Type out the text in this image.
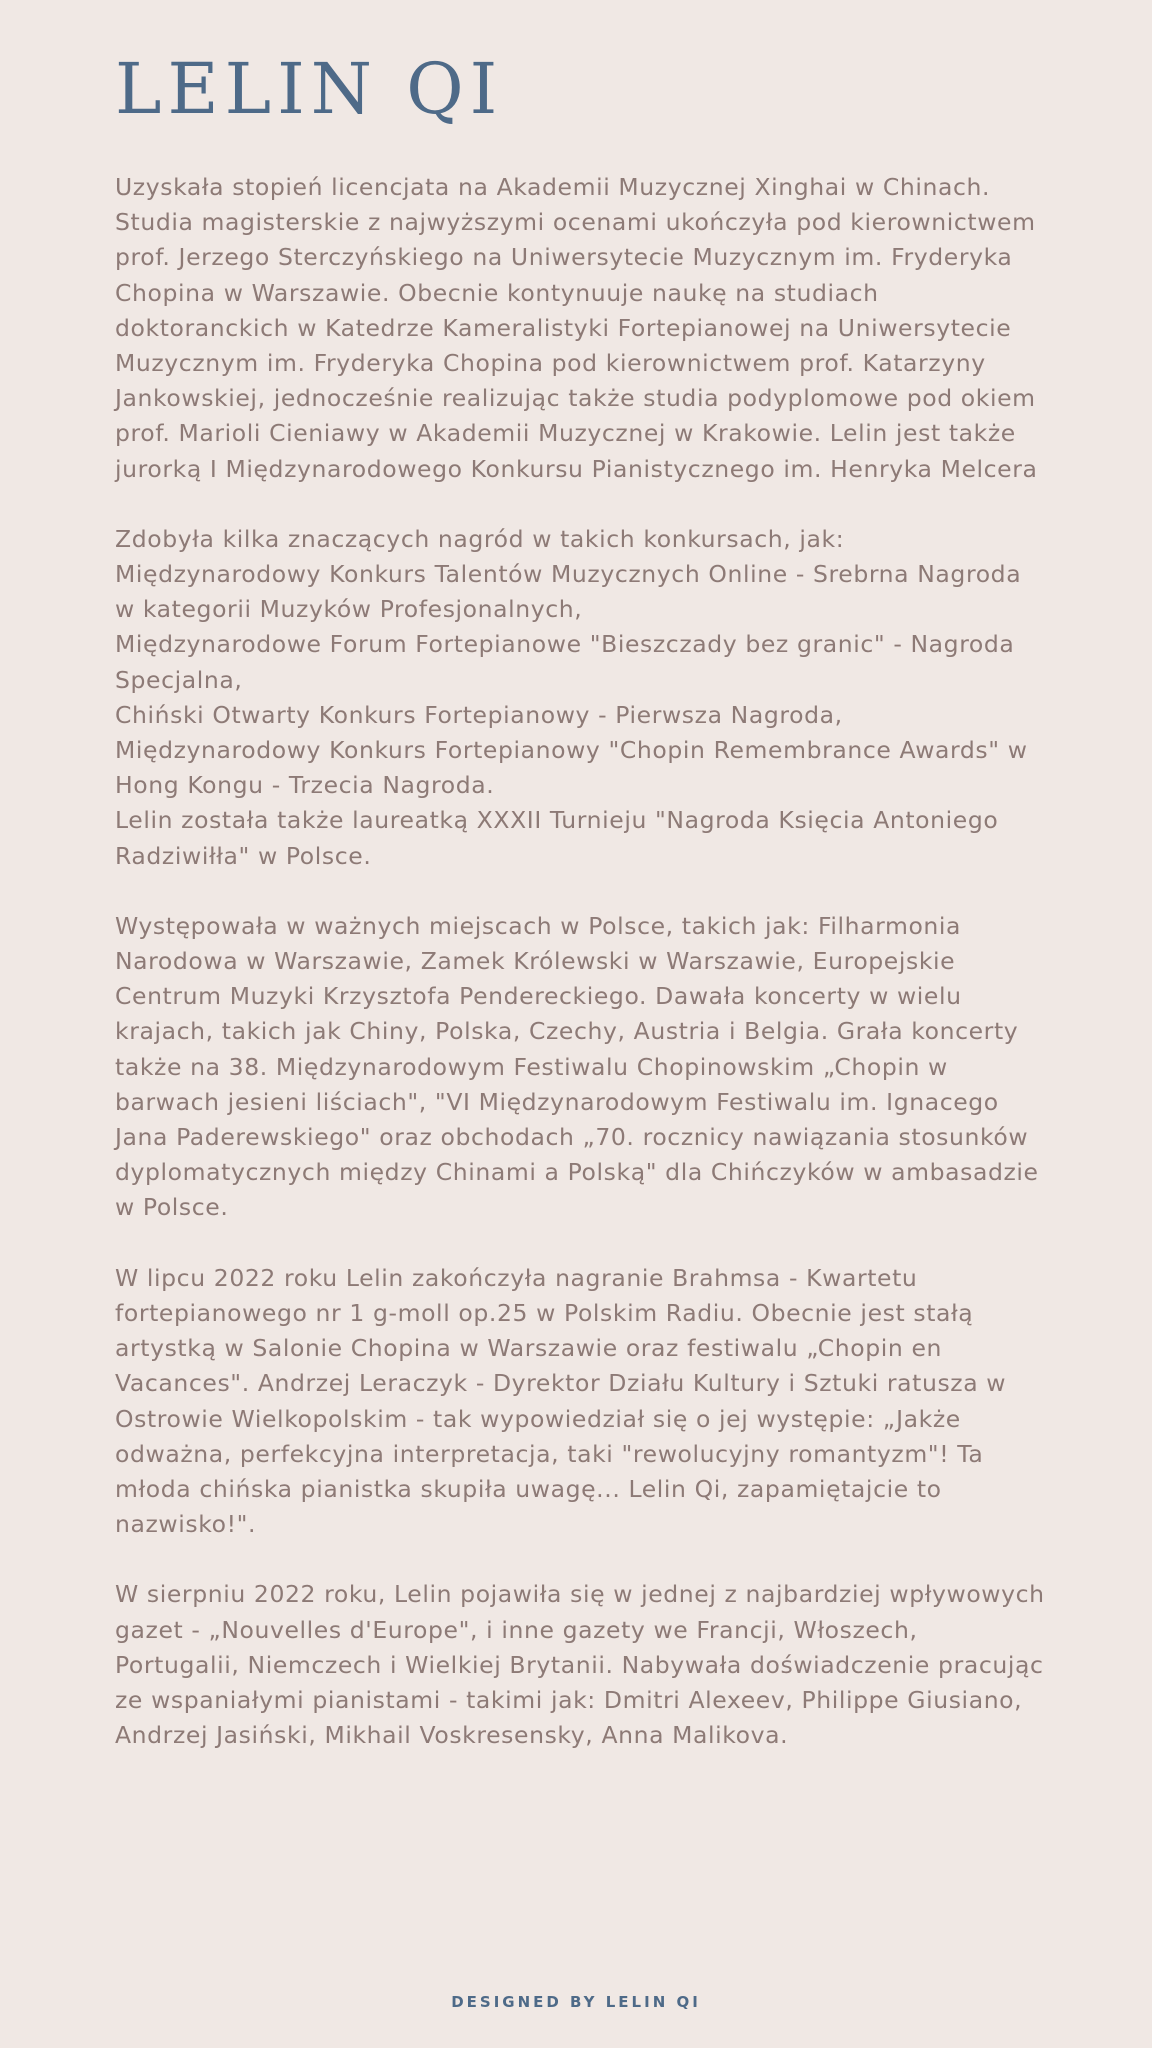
LELIN QI

Uzyskała stopień licencjata na Akademii Muzycznej Xinghai w Chinach. Studia magisterskie z najwyższymi ocenami ukończyła pod kierownictwem prof. Jerzego Sterczyńskiego na Uniwersytecie Muzycznym im. Fryderyka Chopina w Warszawie. Obecnie kontynuuje naukę na studiach doktoranckich w Katedrze Kameralistyki Fortepianowej na Uniwersytecie Muzycznym im. Fryderyka Chopina pod kierownictwem prof. Katarzyny Jankowskiej, jednocześnie realizując także studia podyplomowe pod okiem prof. Marioli Cieniawy w Akademii Muzycznej w Krakowie. Lelin jest także jurorką I Międzynarodowego Konkursu Pianistycznego im. Henryka Melcera

Zdobyła kilka znaczących nagród w takich konkursach, jak:
Międzynarodowy Konkurs Talentów Muzycznych Online - Srebrna Nagroda w kategorii Muzyków Profesjonalnych,
Międzynarodowe Forum Fortepianowe "Bieszczady bez granic" - Nagroda Specjalna,
Chiński Otwarty Konkurs Fortepianowy - Pierwsza Nagroda,
Międzynarodowy Konkurs Fortepianowy "Chopin Remembrance Awards" w Hong Kongu - Trzecia Nagroda.
Lelin została także laureatką XXXII Turnieju "Nagroda Księcia Antoniego Radziwiłła" w Polsce.

Występowała w ważnych miejscach w Polsce, takich jak: Filharmonia Narodowa w Warszawie, Zamek Królewski w Warszawie, Europejskie Centrum Muzyki Krzysztofa Pendereckiego. Dawała koncerty w wielu krajach, takich jak Chiny, Polska, Czechy, Austria i Belgia. Grała koncerty także na 38. Międzynarodowym Festiwalu Chopinowskim „Chopin w barwach jesieni liściach", "VI Międzynarodowym Festiwalu im. Ignacego Jana Paderewskiego" oraz obchodach „70. rocznicy nawiązania stosunków dyplomatycznych między Chinami a Polską" dla Chińczyków w ambasadzie w Polsce.

W lipcu 2022 roku Lelin zakończyła nagranie Brahmsa - Kwartetu fortepianowego nr 1 g-moll op.25 w Polskim Radiu. Obecnie jest stałą artystką w Salonie Chopina w Warszawie oraz festiwalu „Chopin en Vacances". Andrzej Leraczyk - Dyrektor Działu Kultury i Sztuki ratusza w Ostrowie Wielkopolskim - tak wypowiedział się o jej występie: „Jakże odważna, perfekcyjna interpretacja, taki "rewolucyjny romantyzm"! Ta młoda chińska pianistka skupiła uwagę... Lelin Qi, zapamiętajcie to nazwisko!".

W sierpniu 2022 roku, Lelin pojawiła się w jednej z najbardziej wpływowych gazet - „Nouvelles d'Europe", i inne gazety we Francji, Włoszech, Portugalii, Niemczech i Wielkiej Brytanii. Nabywała doświadczenie pracując ze wspaniałymi pianistami - takimi jak: Dmitri Alexeev, Philippe Giusiano, Andrzej Jasiński, Mikhail Voskresensky, Anna Malikova.

DESIGNED BY LELIN QI
